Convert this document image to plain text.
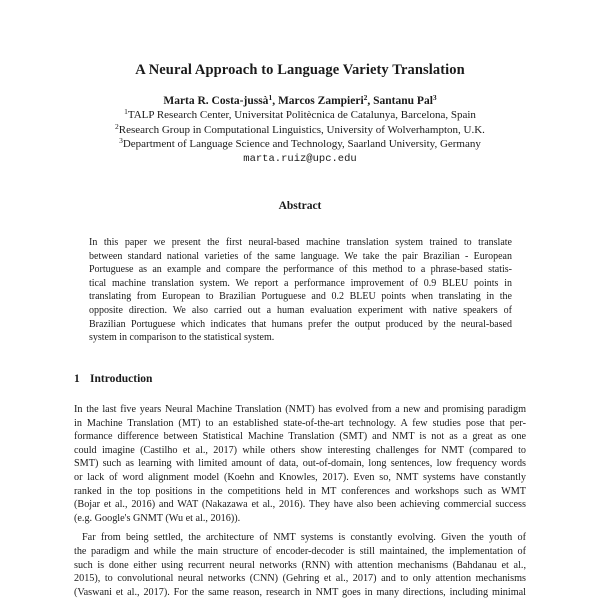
A Neural Approach to Language Variety Translation
Marta R. Costa-jussà$^1$, Marcos Zampieri$^2$, Santanu Pal$^3$
$^1$TALP Research Center, Universitat Politècnica de Catalunya, Barcelona, Spain
$^2$Research Group in Computational Linguistics, University of Wolverhampton, U.K.
$^3$Department of Language Science and Technology, Saarland University, Germany
marta.ruiz@upc.edu
Abstract
In this paper we present the first neural-based machine translation system trained to translate
between standard national varieties of the same language. We take the pair Brazilian - European
Portuguese as an example and compare the performance of this method to a phrase-based statis-
tical machine translation system. We report a performance improvement of 0.9 BLEU points in
translating from European to Brazilian Portuguese and 0.2 BLEU points when translating in the
opposite direction. We also carried out a human evaluation experiment with native speakers of
Brazilian Portuguese which indicates that humans prefer the output produced by the neural-based
system in comparison to the statistical system.
1 Introduction
In the last five years Neural Machine Translation (NMT) has evolved from a new and promising paradigm
in Machine Translation (MT) to an established state-of-the-art technology. A few studies pose that per-
formance difference between Statistical Machine Translation (SMT) and NMT is not as a great as one
could imagine (Castilho et al., 2017) while others show interesting challenges for NMT (compared to
SMT) such as learning with limited amount of data, out-of-domain, long sentences, low frequency words
or lack of word alignment model (Koehn and Knowles, 2017). Even so, NMT systems have constantly
ranked in the top positions in the competitions held in MT conferences and workshops such as WMT
(Bojar et al., 2016) and WAT (Nakazawa et al., 2016). They have also been achieving commercial success
(e.g. Google's GNMT (Wu et al., 2016)).
Far from being settled, the architecture of NMT systems is constantly evolving. Given the youth of
the paradigm and while the main structure of encoder-decoder is still maintained, the implementation of
such is done either using recurrent neural networks (RNN) with attention mechanisms (Bahdanau et al.,
2015), to convolutional neural networks (CNN) (Gehring et al., 2017) and to only attention mechanisms
(Vaswani et al., 2017). For the same reason, research in NMT goes in many directions, including minimal
